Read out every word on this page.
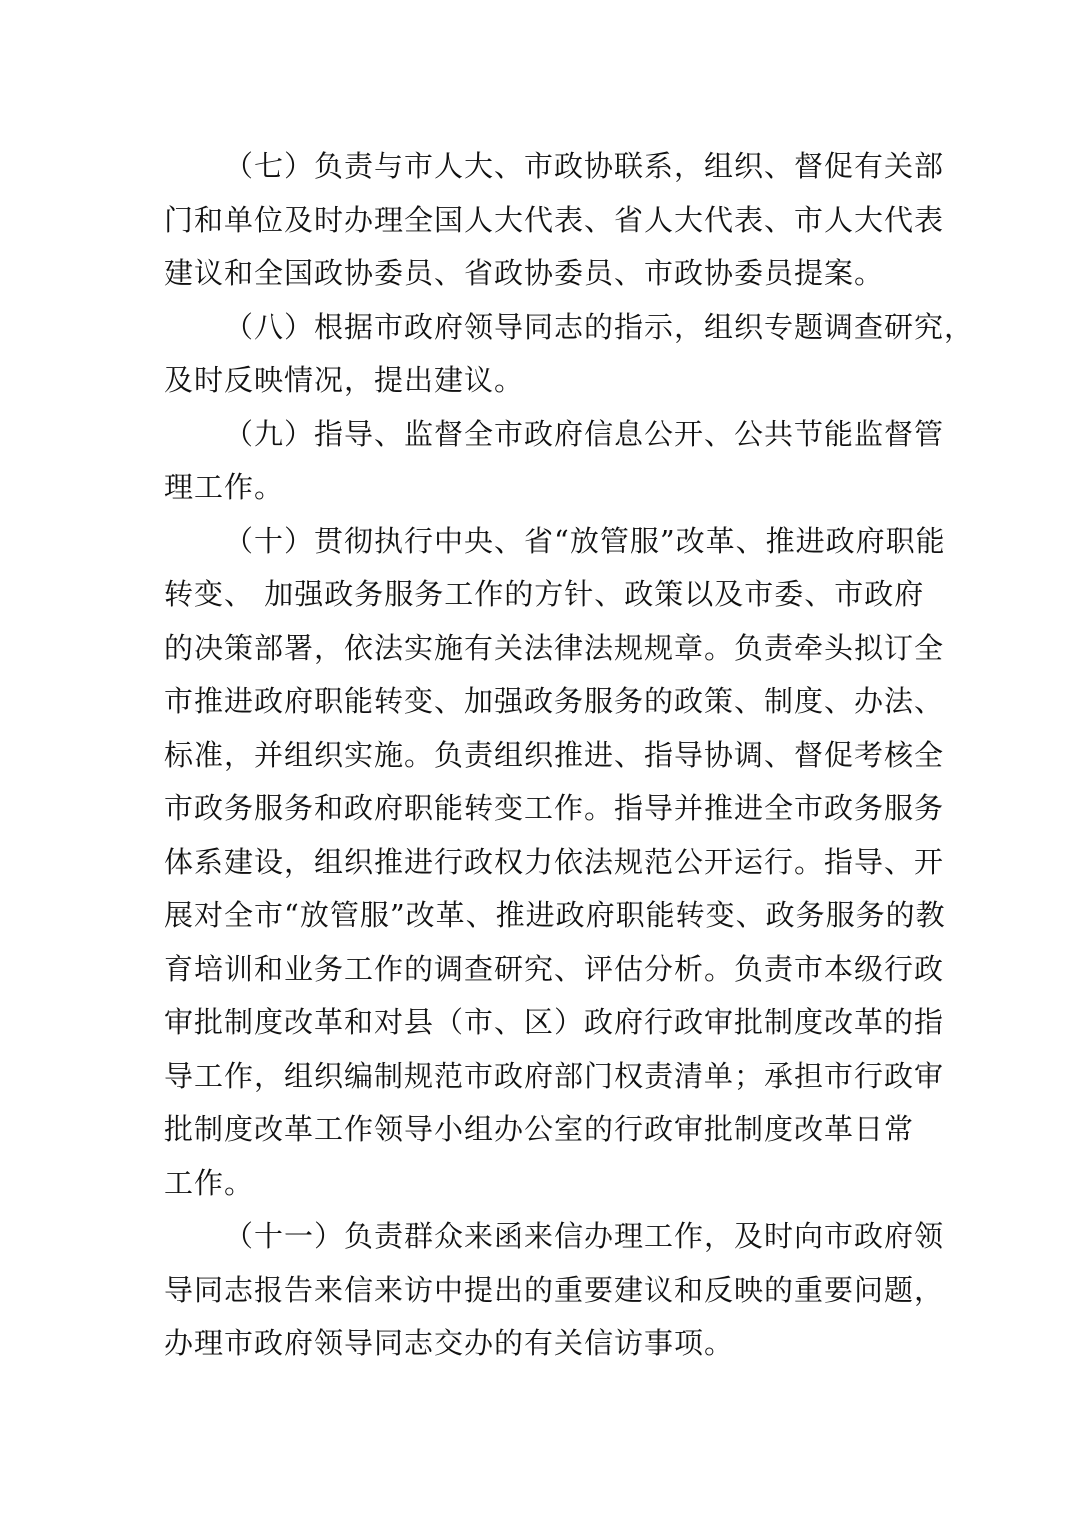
（七）负责与市人大、市政协联系，组织、督促有关部
门和单位及时办理全国人大代表、省人大代表、市人大代表
建议和全国政协委员、省政协委员、市政协委员提案。
（八）根据市政府领导同志的指示，组织专题调查研究，
及时反映情况，提出建议。
（九）指导、监督全市政府信息公开、公共节能监督管
理工作。
（十）贯彻执行中央、省“放管服”改革、推进政府职能
转变、 加强政务服务工作的方针、政策以及市委、市政府
的决策部署，依法实施有关法律法规规章。负责牵头拟订全
市推进政府职能转变、加强政务服务的政策、制度、办法、
标准，并组织实施。负责组织推进、指导协调、督促考核全
市政务服务和政府职能转变工作。指导并推进全市政务服务
体系建设，组织推进行政权力依法规范公开运行。指导、开
展对全市“放管服”改革、推进政府职能转变、政务服务的教
育培训和业务工作的调查研究、评估分析。负责市本级行政
审批制度改革和对县（市、区）政府行政审批制度改革的指
导工作，组织编制规范市政府部门权责清单；承担市行政审
批制度改革工作领导小组办公室的行政审批制度改革日常
工作。
（十一）负责群众来函来信办理工作，及时向市政府领
导同志报告来信来访中提出的重要建议和反映的重要问题，
办理市政府领导同志交办的有关信访事项。
